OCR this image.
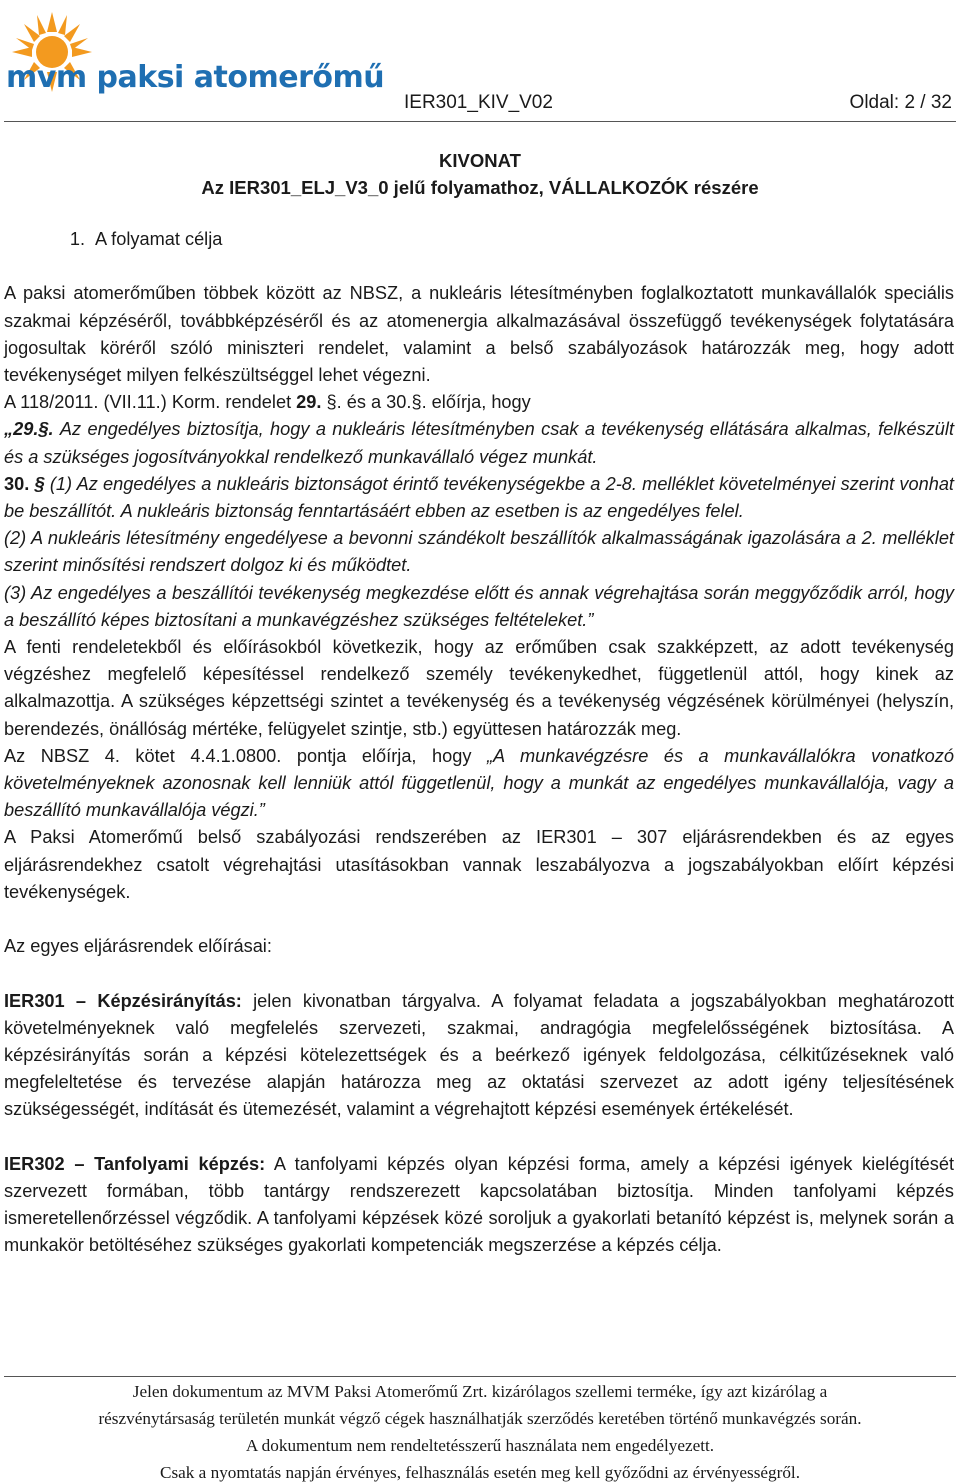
mvm paksi atomerőmű
IER301_KIV_V02	Oldal: 2 / 32
KIVONAT
Az IER301_ELJ_V3_0 jelű folyamathoz, VÁLLALKOZÓK részére

1. A folyamat célja

A paksi atomerőműben többek között az NBSZ, a nukleáris létesítményben foglalkoztatott munkavállalók speciális szakmai képzéséről, továbbképzéséről és az atomenergia alkalmazásával összefüggő tevékenységek folytatására jogosultak köréről szóló miniszteri rendelet, valamint a belső szabályozások határozzák meg, hogy adott tevékenységet milyen felkészültséggel lehet végezni.

A 118/2011. (VII.11.) Korm. rendelet 29. §. és a 30.§. előírja, hogy

„29.§. Az engedélyes biztosítja, hogy a nukleáris létesítményben csak a tevékenység ellátására alkalmas, felkészült és a szükséges jogosítványokkal rendelkező munkavállaló végez munkát.

30. § (1) Az engedélyes a nukleáris biztonságot érintő tevékenységekbe a 2-8. melléklet követelményei szerint vonhat be beszállítót. A nukleáris biztonság fenntartásáért ebben az esetben is az engedélyes felel.

(2) A nukleáris létesítmény engedélyese a bevonni szándékolt beszállítók alkalmasságának igazolására a 2. melléklet szerint minősítési rendszert dolgoz ki és működtet.

(3) Az engedélyes a beszállítói tevékenység megkezdése előtt és annak végrehajtása során meggyőződik arról, hogy a beszállító képes biztosítani a munkavégzéshez szükséges feltételeket.”

A fenti rendeletekből és előírásokból következik, hogy az erőműben csak szakképzett, az adott tevékenység végzéshez megfelelő képesítéssel rendelkező személy tevékenykedhet, függetlenül attól, hogy kinek az alkalmazottja. A szükséges képzettségi szintet a tevékenység és a tevékenység végzésének körülményei (helyszín, berendezés, önállóság mértéke, felügyelet szintje, stb.) együttesen határozzák meg.

Az NBSZ 4. kötet 4.4.1.0800. pontja előírja, hogy „A munkavégzésre és a munkavállalókra vonatkozó követelményeknek azonosnak kell lenniük attól függetlenül, hogy a munkát az engedélyes munkavállalója, vagy a beszállító munkavállalója végzi.”

A Paksi Atomerőmű belső szabályozási rendszerében az IER301 – 307 eljárásrendekben és az egyes eljárásrendekhez csatolt végrehajtási utasításokban vannak leszabályozva a jogszabályokban előírt képzési tevékenységek.

Az egyes eljárásrendek előírásai:

IER301 – Képzésirányítás: jelen kivonatban tárgyalva. A folyamat feladata a jogszabályokban meghatározott követelményeknek való megfelelés szervezeti, szakmai, andragógia megfelelősségének biztosítása. A képzésirányítás során a képzési kötelezettségek és a beérkező igények feldolgozása, célkitűzéseknek való megfeleltetése és tervezése alapján határozza meg az oktatási szervezet az adott igény teljesítésének szükségességét, indítását és ütemezését, valamint a végrehajtott képzési események értékelését.

IER302 – Tanfolyami képzés: A tanfolyami képzés olyan képzési forma, amely a képzési igények kielégítését szervezett formában, több tantárgy rendszerezett kapcsolatában biztosítja. Minden tanfolyami képzés ismeretellenőrzéssel végződik. A tanfolyami képzések közé soroljuk a gyakorlati betanító képzést is, melynek során a munkakör betöltéséhez szükséges gyakorlati kompetenciák megszerzése a képzés célja.

Jelen dokumentum az MVM Paksi Atomerőmű Zrt. kizárólagos szellemi terméke, így azt kizárólag a
részvénytársaság területén munkát végző cégek használhatják szerződés keretében történő munkavégzés során.
A dokumentum nem rendeltetésszerű használata nem engedélyezett.
Csak a nyomtatás napján érvényes, felhasználás esetén meg kell győződni az érvényességről.
